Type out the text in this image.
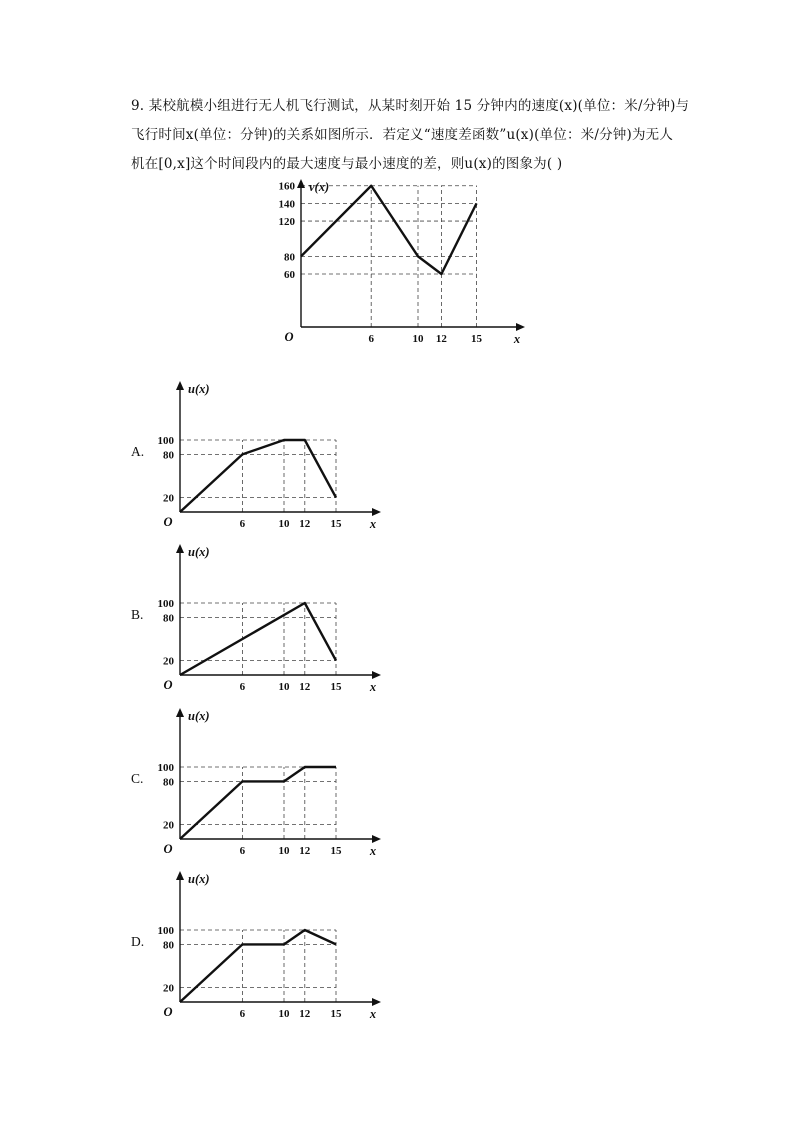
9. 某校航模小组进行无人机飞行测试，从某时刻开始 15 分钟内的速度(x)(单位：米/分钟)与

飞行时间x(单位：分钟)的关系如图所示．若定义“速度差函数”u(x)(单位：米/分钟)为无人

机在[0,x]这个时间段内的最大速度与最小速度的差，则u(x)的图象为( )

60
80
120
140
160
6	10 12 15
O	x
v(x)
A.
20
80
100
6	10 12 15
O	x
u(x)
B.
20
80
100
6	10 12 15
O	x
u(x)
C.
20
80
100
6	10 12 15
O	x
u(x)
D.
20
80
100
6	10 12 15
O	x
u(x)
